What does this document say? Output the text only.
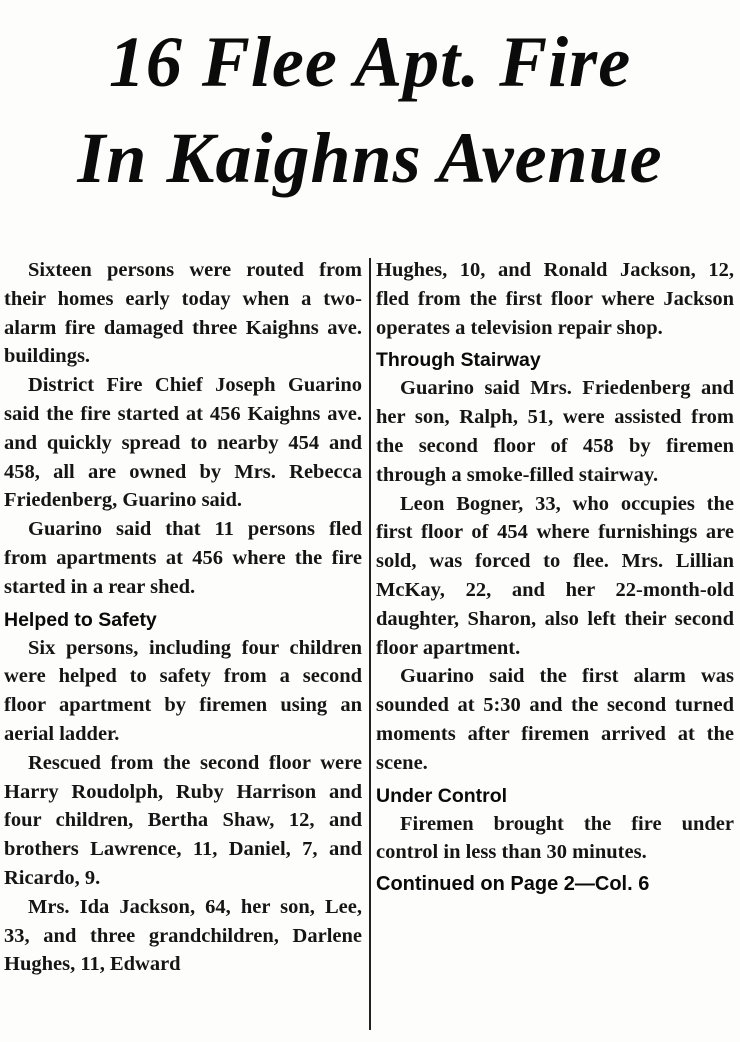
16 Flee Apt. Fire
In Kaighns Avenue

Sixteen persons were routed from their homes early today when a two-alarm fire damaged three Kaighns ave. buildings.

District Fire Chief Joseph Guarino said the fire started at 456 Kaighns ave. and quickly spread to nearby 454 and 458, all are owned by Mrs. Rebecca Friedenberg, Guarino said.

Guarino said that 11 persons fled from apartments at 456 where the fire started in a rear shed.

Helped to Safety

Six persons, including four children were helped to safety from a second floor apartment by firemen using an aerial ladder.

Rescued from the second floor were Harry Roudolph, Ruby Harrison and four children, Bertha Shaw, 12, and brothers Lawrence, 11, Daniel, 7, and Ricardo, 9.

Mrs. Ida Jackson, 64, her son, Lee, 33, and three grandchildren, Darlene Hughes, 11, Edward

Hughes, 10, and Ronald Jackson, 12, fled from the first floor where Jackson operates a television repair shop.

Through Stairway

Guarino said Mrs. Friedenberg and her son, Ralph, 51, were assisted from the second floor of 458 by firemen through a smoke-filled stairway.

Leon Bogner, 33, who occupies the first floor of 454 where furnishings are sold, was forced to flee. Mrs. Lillian McKay, 22, and her 22-month-old daughter, Sharon, also left their second floor apartment.

Guarino said the first alarm was sounded at 5:30 and the second turned moments after firemen arrived at the scene.

Under Control

Firemen brought the fire under control in less than 30 minutes.

Continued on Page 2—Col. 6
